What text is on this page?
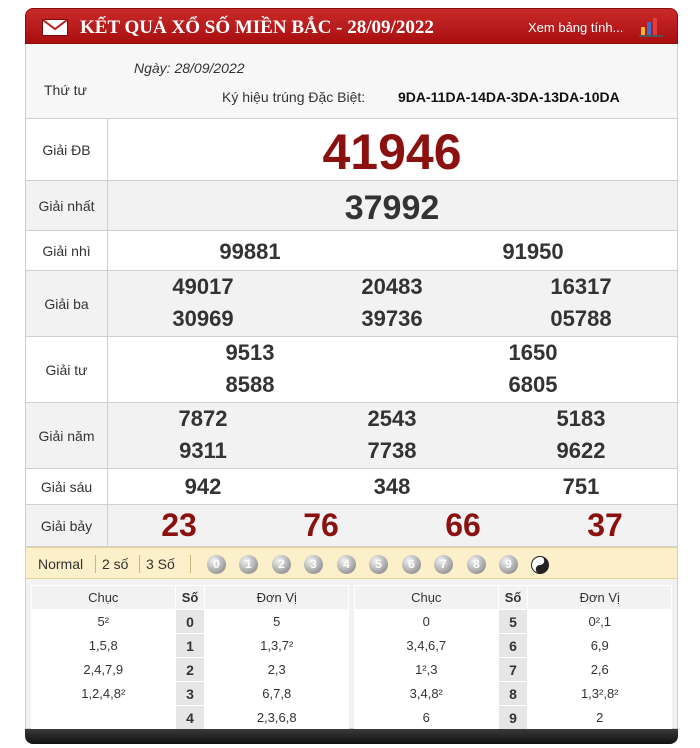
KẾT QUẢ XỔ SỐ MIỀN BẮC - 28/09/2022	Xem bảng tính...
Thứ tư
Ngày: 28/09/2022
Ký hiệu trúng Đặc Biệt: 9DA-11DA-14DA-3DA-13DA-10DA
Giải ĐB	41946
Giải nhất	37992
Giải nhì	99881	91950
Giải ba
49017	20483	16317
30969	39736	05788
Giải tư
9513	1650
8588	6805
Giải năm
7872	2543	5183
9311	7738	9622
Giải sáu	942	348	751
Giải bảy	23	76	66	37
Normal 2 số 3 Số	0	1	2	3	4	5	6	7	8	9
Chục	Số	Đơn Vị
5²	0	5
1,5,8	1	1,3,7²
2,4,7,9	2	2,3
1,2,4,8²	3	6,7,8
	4	2,3,6,8
Chục	Số	Đơn Vị
0	5	0²,1
3,4,6,7	6	6,9
1²,3	7	2,6
3,4,8²	8	1,3²,8²
6	9	2
